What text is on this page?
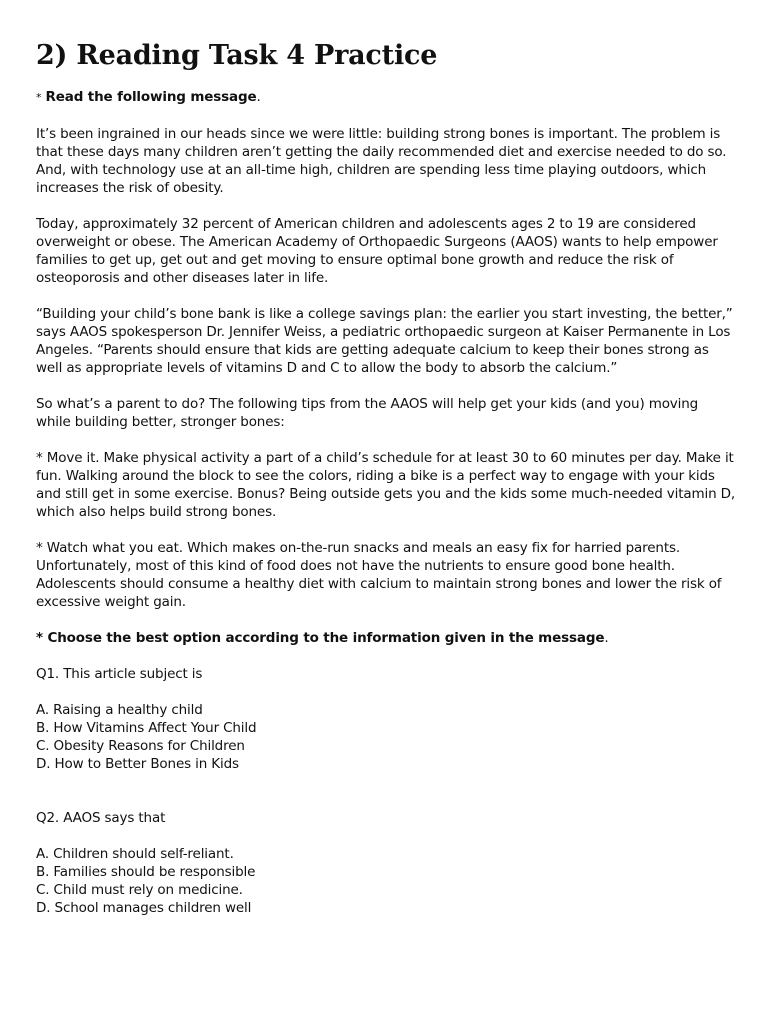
2) Reading Task 4 Practice
* Read the following message.

It’s been ingrained in our heads since we were little: building strong bones is important. The problem is that these days many children aren’t getting the daily recommended diet and exercise needed to do so. And, with technology use at an all-time high, children are spending less time playing outdoors, which increases the risk of obesity.

Today, approximately 32 percent of American children and adolescents ages 2 to 19 are considered overweight or obese. The American Academy of Orthopaedic Surgeons (AAOS) wants to help empower families to get up, get out and get moving to ensure optimal bone growth and reduce the risk of osteoporosis and other diseases later in life.

“Building your child’s bone bank is like a college savings plan: the earlier you start investing, the better,” says AAOS spokesperson Dr. Jennifer Weiss, a pediatric orthopaedic surgeon at Kaiser Permanente in Los Angeles. “Parents should ensure that kids are getting adequate calcium to keep their bones strong as well as appropriate levels of vitamins D and C to allow the body to absorb the calcium.”

So what’s a parent to do? The following tips from the AAOS will help get your kids (and you) moving while building better, stronger bones:

* Move it. Make physical activity a part of a child’s schedule for at least 30 to 60 minutes per day. Make it fun. Walking around the block to see the colors, riding a bike is a perfect way to engage with your kids and still get in some exercise. Bonus? Being outside gets you and the kids some much-needed vitamin D, which also helps build strong bones.

* Watch what you eat. Which makes on-the-run snacks and meals an easy fix for harried parents. Unfortunately, most of this kind of food does not have the nutrients to ensure good bone health. Adolescents should consume a healthy diet with calcium to maintain strong bones and lower the risk of excessive weight gain.

* Choose the best option according to the information given in the message.
Q1. This article subject is
A. Raising a healthy child
B. How Vitamins Affect Your Child
C. Obesity Reasons for Children
D. How to Better Bones in Kids
Q2. AAOS says that
A. Children should self-reliant.
B. Families should be responsible
C. Child must rely on medicine.
D. School manages children well
